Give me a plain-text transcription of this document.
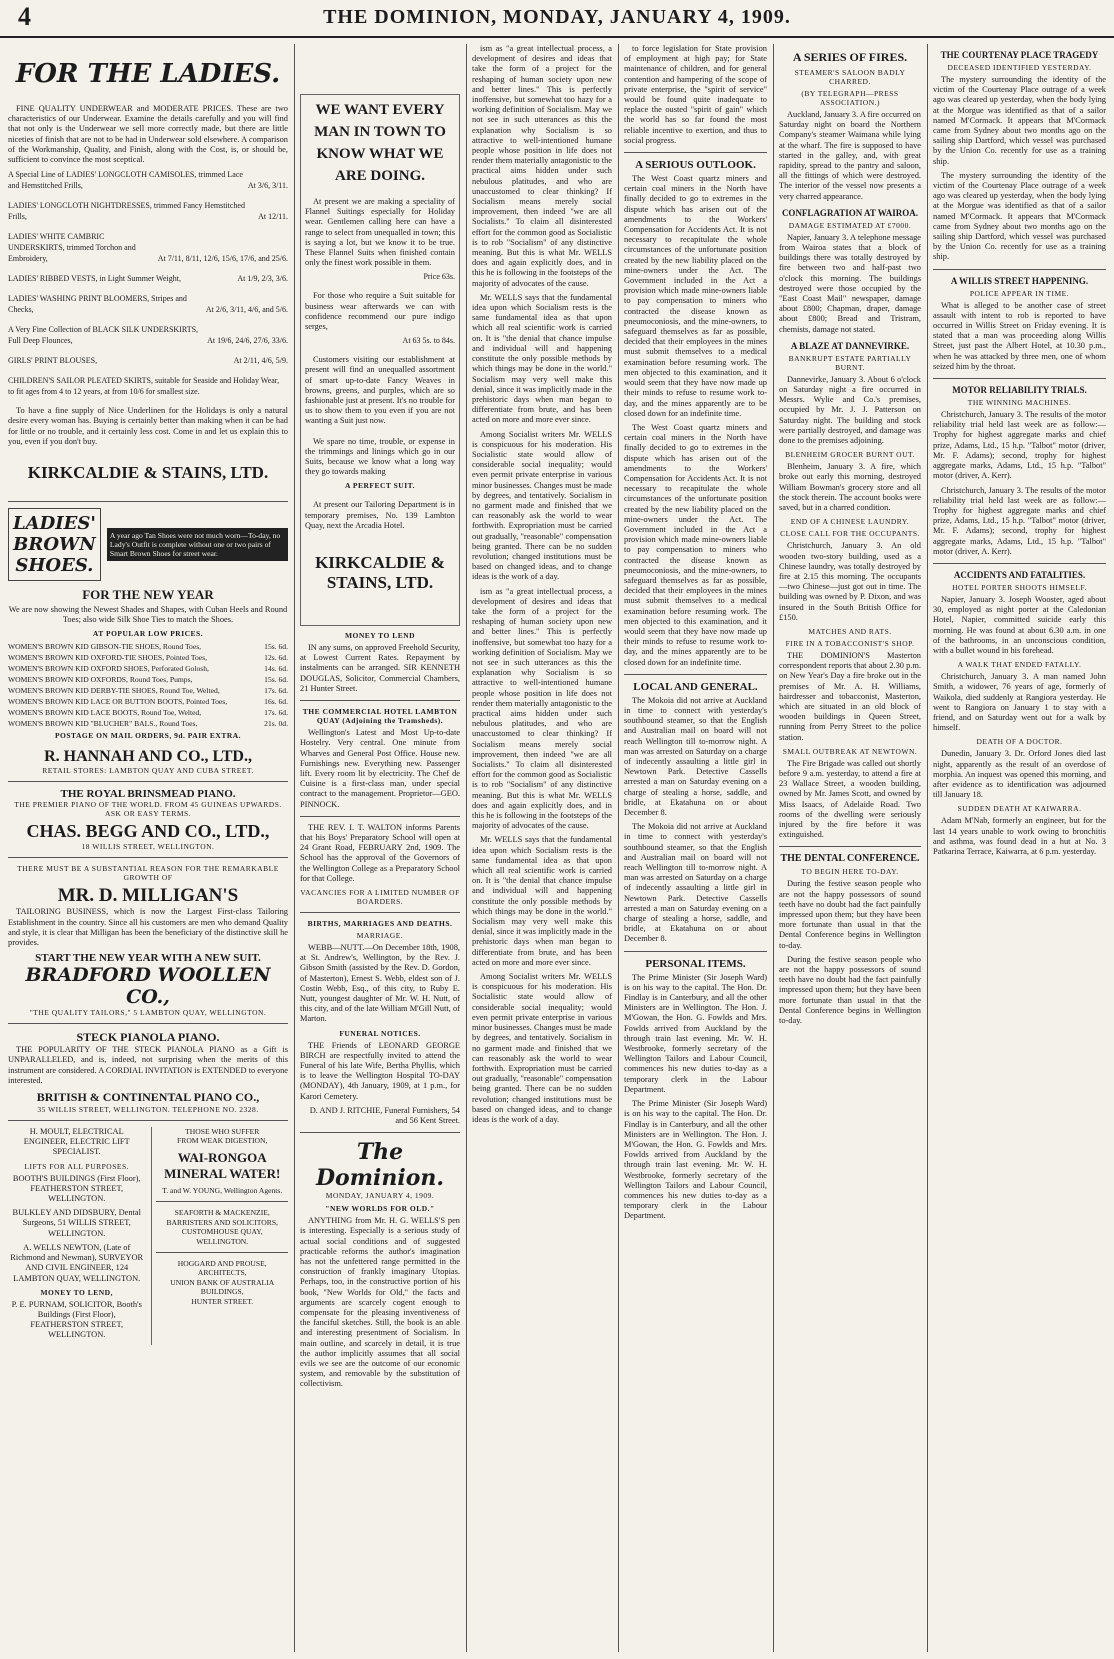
4	THE DOMINION, MONDAY, JANUARY 4, 1909.
FOR THE LADIES.

FINE QUALITY UNDERWEAR and MODERATE PRICES. These are two characteristics of our Underwear. Examine the details carefully and you will find that not only is the Underwear we sell more correctly made, but there are little niceties of finish that are not to be had in Underwear sold elsewhere. A comparison of the Workmanship, Quality, and Finish, along with the Cost, is, or should be, sufficient to convince the most sceptical.

A Special Line of LADIES' LONGCLOTH CAMISOLES, trimmed Lace and Hemstitched Frills,	At 3/6, 3/11.
LADIES' LONGCLOTH NIGHTDRESSES, trimmed Fancy Hemstitched Frills,	At 12/11.
LADIES' WHITE CAMBRIC UNDERSKIRTS, trimmed Torchon and Embroidery,	At 7/11, 8/11, 12/6, 15/6, 17/6, and 25/6.
LADIES' RIBBED VESTS, in Light Summer Weight,	At 1/9, 2/3, 3/6.
LADIES' WASHING PRINT BLOOMERS, Stripes and Checks,	At 2/6, 3/11, 4/6, and 5/6.
A Very Fine Collection of BLACK SILK UNDERSKIRTS, Full Deep Flounces,	At 19/6, 24/6, 27/6, 33/6.
GIRLS' PRINT BLOUSES,	At 2/11, 4/6, 5/9.
CHILDREN'S SAILOR PLEATED SKIRTS, suitable for Seaside and Holiday Wear, to fit ages from 4 to 12 years, at from 10/6 for smallest size.

To have a fine supply of Nice Underlinen for the Holidays is only a natural desire every woman has. Buying is certainly better than making when it can be had for little or no trouble, and it certainly less cost. Come in and let us explain this to you, even if you don't buy.

KIRKCALDIE & STAINS, LTD.
LADIES' BROWN SHOES.
A year ago Tan Shoes were not much worn—To-day, no Lady's Outfit is complete without one or two pairs of Smart Brown Shoes for street wear.
FOR THE NEW YEAR

We are now showing the Newest Shades and Shapes, with Cuban Heels and Round Toes; also wide Silk Shoe Ties to match the Shoes.

AT POPULAR LOW PRICES.
WOMEN'S BROWN KID GIBSON-TIE SHOES, Round Toes,	15s. 6d.
WOMEN'S BROWN KID OXFORD-TIE SHOES, Pointed Toes,	12s. 6d.
WOMEN'S BROWN KID OXFORD SHOES, Perforated Golosh,	14s. 6d.
WOMEN'S BROWN KID OXFORDS, Round Toes, Pumps,	15s. 6d.
WOMEN'S BROWN KID DERBY-TIE SHOES, Round Toe, Welted,	17s. 6d.
WOMEN'S BROWN KID LACE OR BUTTON BOOTS, Pointed Toes,	16s. 6d.
WOMEN'S BROWN KID LACE BOOTS, Round Toe, Welted,	17s. 6d.
WOMEN'S BROWN KID "BLUCHER" BALS., Round Toes,	21s. 0d.
POSTAGE ON MAIL ORDERS, 9d. PAIR EXTRA.
R. HANNAH AND CO., LTD.,
RETAIL STORES: LAMBTON QUAY AND CUBA STREET.
THE ROYAL BRINSMEAD PIANO.
THE PREMIER PIANO OF THE WORLD. FROM 45 GUINEAS UPWARDS. ASK OR EASY TERMS.
CHAS. BEGG AND CO., LTD.,
18 WILLIS STREET, WELLINGTON.
THERE MUST BE A SUBSTANTIAL REASON FOR THE REMARKABLE GROWTH OF
MR. D. MILLIGAN'S

TAILORING BUSINESS, which is now the Largest First-class Tailoring Establishment in the country. Since all his customers are men who demand Quality and style, it is clear that Milligan has been the beneficiary of the distinctive skill he provides.

START THE NEW YEAR WITH A NEW SUIT.
BRADFORD WOOLLEN CO.,
"THE QUALITY TAILORS," 5 LAMBTON QUAY, WELLINGTON.
STECK PIANOLA PIANO.

THE POPULARITY OF THE STECK PIANOLA PIANO as a Gift is UNPARALLELED, and is, indeed, not surprising when the merits of this instrument are considered. A CORDIAL INVITATION is EXTENDED to everyone interested.

BRITISH & CONTINENTAL PIANO CO.,
35 WILLIS STREET, WELLINGTON. TELEPHONE NO. 2328.

H. MOULT, ELECTRICAL ENGINEER, ELECTRIC LIFT SPECIALIST.

LIFTS FOR ALL PURPOSES.

BOOTH'S BUILDINGS (First Floor), FEATHERSTON STREET, WELLINGTON.

BULKLEY AND DIDSBURY, Dental Surgeons, 51 WILLIS STREET, WELLINGTON.

A. WELLS NEWTON, (Late of Richmond and Newman), SURVEYOR AND CIVIL ENGINEER, 124 LAMBTON QUAY, WELLINGTON.

MONEY TO LEND,

P. E. PURNAM, SOLICITOR, Booth's Buildings (First Floor), FEATHERSTON STREET, WELLINGTON.

THOSE WHO SUFFER
FROM WEAK DIGESTION,
WAI-RONGOA
MINERAL WATER!
T. and W. YOUNG, Wellington Agents.
SEAFORTH & MACKENZIE,
BARRISTERS AND SOLICITORS,
CUSTOMHOUSE QUAY, WELLINGTON.
HOGGARD AND PROUSE,
ARCHITECTS,
UNION BANK OF AUSTRALIA
BUILDINGS,
HUNTER STREET.
WE WANT EVERY MAN IN TOWN TO KNOW WHAT WE ARE DOING.

At present we are making a speciality of Flannel Suitings especially for Holiday wear. Gentlemen calling here can have a range to select from unequalled in town; this is saying a lot, but we know it to be true. These Flannel Suits when finished contain only the finest work possible in them.

Price 63s.

For those who require a Suit suitable for business wear afterwards we can with confidence recommend our pure indigo serges,

At 63 5s. to 84s.

Customers visiting our establishment at present will find an unequalled assortment of smart up-to-date Fancy Weaves in browns, greens, and purples, which are so fashionable just at present. It's no trouble for us to show them to you even if you are not wanting a Suit just now.

We spare no time, trouble, or expense in the trimmings and linings which go in our Suits, because we know what a long way they go towards making

A PERFECT SUIT.

At present our Tailoring Department is in temporary premises, No. 139 Lambton Quay, next the Arcadia Hotel.

KIRKCALDIE & STAINS, LTD.
MONEY TO LEND

IN any sums, on approved Freehold Security, at Lowest Current Rates. Repayment by instalments can be arranged. SIR KENNETH DOUGLAS, Solicitor, Commercial Chambers, 21 Hunter Street.

THE COMMERCIAL HOTEL LAMBTON QUAY (Adjoining the Tramsheds).

Wellington's Latest and Most Up-to-date Hostelry. Very central. One minute from Wharves and General Post Office. House new. Furnishings new. Everything new. Passenger lift. Every room lit by electricity. The Chef de Cuisine is a first-class man, under special contract to the management. Proprietor—GEO. PINNOCK.

THE REV. I. T. WALTON informs Parents that his Boys' Preparatory School will open at 24 Grant Road, FEBRUARY 2nd, 1909. The School has the approval of the Governors of the Wellington College as a Preparatory School for that College.

VACANCIES FOR A LIMITED NUMBER OF BOARDERS.
BIRTHS, MARRIAGES AND DEATHS.
MARRIAGE.

WEBB—NUTT.—On December 18th, 1908, at St. Andrew's, Wellington, by the Rev. J. Gibson Smith (assisted by the Rev. D. Gordon, of Masterton), Ernest S. Webb, eldest son of J. Costin Webb, Esq., of this city, to Ruby E. Nutt, youngest daughter of Mr. W. H. Nutt, of this city, and of the late William M'Gill Nutt, of Marton.

FUNERAL NOTICES.

THE Friends of LEONARD GEORGE BIRCH are respectfully invited to attend the Funeral of his late Wife, Bertha Phyllis, which is to leave the Wellington Hospital TO-DAY (MONDAY), 4th January, 1909, at 1 p.m., for Karori Cemetery.

D. AND J. RITCHIE, Funeral Furnishers, 54 and 56 Kent Street.

The Dominion.
MONDAY, JANUARY 4, 1909.
"NEW WORLDS FOR OLD."

ANYTHING from Mr. H. G. WELLS'S pen is interesting. Especially is a serious study of actual social conditions and of suggested practicable reforms the author's imagination has not the unfettered range permitted in the construction of frankly imaginary Utopias. Perhaps, too, in the constructive portion of his book, "New Worlds for Old," the facts and arguments are scarcely cogent enough to compensate for the pleasing inventiveness of the fanciful sketches. Still, the book is an able and interesting presentment of Socialism. In main outline, and scarcely in detail, it is true the author implicitly assumes that all social evils we see are the outcome of our economic system, and removable by the substitution of collectivism.

ism as "a great intellectual process, a development of desires and ideas that take the form of a project for the reshaping of human society upon new and better lines." This is perfectly inoffensive, but somewhat too hazy for a working definition of Socialism. May we not see in such utterances as this the explanation why Socialism is so attractive to well-intentioned humane people whose position in life does not render them materially antagonistic to the practical aims hidden under such nebulous platitudes, and who are unaccustomed to clear thinking? If Socialism means merely social improvement, then indeed "we are all Socialists." To claim all disinterested effort for the common good as Socialistic is to rob "Socialism" of any distinctive meaning. But this is what Mr. WELLS does and again explicitly does, and in this he is following in the footsteps of the majority of advocates of the cause.

Mr. WELLS says that the fundamental idea upon which Socialism rests is the same fundamental idea as that upon which all real scientific work is carried on. It is "the denial that chance impulse and individual will and happening constitute the only possible methods by which things may be done in the world." Socialism may very well make this denial, since it was implicitly made in the prehistoric days when man began to differentiate from brute, and has been acted on more and more ever since.

Among Socialist writers Mr. WELLS is conspicuous for his moderation. His Socialistic state would allow of considerable social inequality; would even permit private enterprise in various minor businesses. Changes must be made by degrees, and tentatively. Socialism in no garment made and finished that we can reasonably ask the world to wear forthwith. Expropriation must be carried out gradually, "reasonable" compensation being granted. There can be no sudden revolution; changed institutions must be based on changed ideas, and to change ideas is the work of a day.

ism as "a great intellectual process, a development of desires and ideas that take the form of a project for the reshaping of human society upon new and better lines." This is perfectly inoffensive, but somewhat too hazy for a working definition of Socialism. May we not see in such utterances as this the explanation why Socialism is so attractive to well-intentioned humane people whose position in life does not render them materially antagonistic to the practical aims hidden under such nebulous platitudes, and who are unaccustomed to clear thinking? If Socialism means merely social improvement, then indeed "we are all Socialists." To claim all disinterested effort for the common good as Socialistic is to rob "Socialism" of any distinctive meaning. But this is what Mr. WELLS does and again explicitly does, and in this he is following in the footsteps of the majority of advocates of the cause.

Mr. WELLS says that the fundamental idea upon which Socialism rests is the same fundamental idea as that upon which all real scientific work is carried on. It is "the denial that chance impulse and individual will and happening constitute the only possible methods by which things may be done in the world." Socialism may very well make this denial, since it was implicitly made in the prehistoric days when man began to differentiate from brute, and has been acted on more and more ever since.

Among Socialist writers Mr. WELLS is conspicuous for his moderation. His Socialistic state would allow of considerable social inequality; would even permit private enterprise in various minor businesses. Changes must be made by degrees, and tentatively. Socialism in no garment made and finished that we can reasonably ask the world to wear forthwith. Expropriation must be carried out gradually, "reasonable" compensation being granted. There can be no sudden revolution; changed institutions must be based on changed ideas, and to change ideas is the work of a day.

to force legislation for State provision of employment at high pay; for State maintenance of children, and for general contention and hampering of the scope of private enterprise, the "spirit of service" would be found quite inadequate to replace the ousted "spirit of gain" which the world has so far found the most reliable incentive to exertion, and thus to social progress.

A SERIOUS OUTLOOK.

The West Coast quartz miners and certain coal miners in the North have finally decided to go to extremes in the dispute which has arisen out of the amendments to the Workers' Compensation for Accidents Act. It is not necessary to recapitulate the whole circumstances of the unfortunate position created by the new liability placed on the mine-owners under the Act. The Government included in the Act a provision which made mine-owners liable to pay compensation to miners who contracted the disease known as pneumoconiosis, and the mine-owners, to safeguard themselves as far as possible, decided that their employees in the mines must submit themselves to a medical examination before resuming work. The men objected to this examination, and it would seem that they have now made up their minds to refuse to resume work to-day, and the mines apparently are to be closed down for an indefinite time.

The West Coast quartz miners and certain coal miners in the North have finally decided to go to extremes in the dispute which has arisen out of the amendments to the Workers' Compensation for Accidents Act. It is not necessary to recapitulate the whole circumstances of the unfortunate position created by the new liability placed on the mine-owners under the Act. The Government included in the Act a provision which made mine-owners liable to pay compensation to miners who contracted the disease known as pneumoconiosis, and the mine-owners, to safeguard themselves as far as possible, decided that their employees in the mines must submit themselves to a medical examination before resuming work. The men objected to this examination, and it would seem that they have now made up their minds to refuse to resume work to-day, and the mines apparently are to be closed down for an indefinite time.

LOCAL AND GENERAL.

The Mokoia did not arrive at Auckland in time to connect with yesterday's southbound steamer, so that the English and Australian mail on board will not reach Wellington till to-morrow night. A man was arrested on Saturday on a charge of indecently assaulting a little girl in Newtown Park. Detective Cassells arrested a man on Saturday evening on a charge of stealing a horse, saddle, and bridle, at Ekatahuna on or about December 8.

The Mokoia did not arrive at Auckland in time to connect with yesterday's southbound steamer, so that the English and Australian mail on board will not reach Wellington till to-morrow night. A man was arrested on Saturday on a charge of indecently assaulting a little girl in Newtown Park. Detective Cassells arrested a man on Saturday evening on a charge of stealing a horse, saddle, and bridle, at Ekatahuna on or about December 8.

PERSONAL ITEMS.

The Prime Minister (Sir Joseph Ward) is on his way to the capital. The Hon. Dr. Findlay is in Canterbury, and all the other Ministers are in Wellington. The Hon. J. M'Gowan, the Hon. G. Fowlds and Mrs. Fowlds arrived from Auckland by the through train last evening. Mr. W. H. Westbrooke, formerly secretary of the Wellington Tailors and Labour Council, commences his new duties to-day as a temporary clerk in the Labour Department.

The Prime Minister (Sir Joseph Ward) is on his way to the capital. The Hon. Dr. Findlay is in Canterbury, and all the other Ministers are in Wellington. The Hon. J. M'Gowan, the Hon. G. Fowlds and Mrs. Fowlds arrived from Auckland by the through train last evening. Mr. W. H. Westbrooke, formerly secretary of the Wellington Tailors and Labour Council, commences his new duties to-day as a temporary clerk in the Labour Department.

A SERIES OF FIRES.
STEAMER'S SALOON BADLY CHARRED.
(BY TELEGRAPH—PRESS ASSOCIATION.)

Auckland, January 3. A fire occurred on Saturday night on board the Northern Company's steamer Waimana while lying at the wharf. The fire is supposed to have started in the galley, and, with great rapidity, spread to the pantry and saloon, all the fittings of which were destroyed. The interior of the vessel now presents a very charred appearance.

CONFLAGRATION AT WAIROA.
DAMAGE ESTIMATED AT £7000.

Napier, January 3. A telephone message from Wairoa states that a block of buildings there was totally destroyed by fire between two and half-past two o'clock this morning. The buildings destroyed were those occupied by the "East Coast Mail" newspaper, damage about £800; Chapman, draper, damage about £800; Bread and Tristram, chemists, damage not stated.

A BLAZE AT DANNEVIRKE.
BANKRUPT ESTATE PARTIALLY BURNT.

Dannevirke, January 3. About 6 o'clock on Saturday night a fire occurred in Messrs. Wylie and Co.'s premises, occupied by Mr. J. J. Patterson on Saturday night. The building and stock were partially destroyed, and damage was done to the premises adjoining.

BLENHEIM GROCER BURNT OUT.

Blenheim, January 3. A fire, which broke out early this morning, destroyed William Bowman's grocery store and all the stock therein. The account books were saved, but in a charred condition.

END OF A CHINESE LAUNDRY.
CLOSE CALL FOR THE OCCUPANTS.

Christchurch, January 3. An old wooden two-story building, used as a Chinese laundry, was totally destroyed by fire at 2.15 this morning. The occupants—two Chinese—just got out in time. The building was owned by P. Dixon, and was insured in the South British Office for £150.

MATCHES AND RATS.
FIRE IN A TOBACCONIST'S SHOP.

THE DOMINION'S Masterton correspondent reports that about 2.30 p.m. on New Year's Day a fire broke out in the premises of Mr. A. H. Williams, hairdresser and tobacconist, Masterton, which are situated in an old block of wooden buildings in Queen Street, running from Perry Street to the police station.

SMALL OUTBREAK AT NEWTOWN.

The Fire Brigade was called out shortly before 9 a.m. yesterday, to attend a fire at 23 Wallace Street, a wooden building, owned by Mr. James Scott, and owned by Miss Isaacs, of Adelaide Road. Two rooms of the dwelling were seriously injured by the fire before it was extinguished.

THE DENTAL CONFERENCE.
TO BEGIN HERE TO-DAY.

During the festive season people who are not the happy possessors of sound teeth have no doubt had the fact painfully impressed upon them; but they have been more fortunate than usual in that the Dental Conference begins in Wellington to-day.

During the festive season people who are not the happy possessors of sound teeth have no doubt had the fact painfully impressed upon them; but they have been more fortunate than usual in that the Dental Conference begins in Wellington to-day.

THE COURTENAY PLACE TRAGEDY
DECEASED IDENTIFIED YESTERDAY.

The mystery surrounding the identity of the victim of the Courtenay Place outrage of a week ago was cleared up yesterday, when the body lying at the Morgue was identified as that of a sailor named M'Cormack. It appears that M'Cormack came from Sydney about two months ago on the sailing ship Dartford, which vessel was purchased by the Union Co. recently for use as a training ship.

The mystery surrounding the identity of the victim of the Courtenay Place outrage of a week ago was cleared up yesterday, when the body lying at the Morgue was identified as that of a sailor named M'Cormack. It appears that M'Cormack came from Sydney about two months ago on the sailing ship Dartford, which vessel was purchased by the Union Co. recently for use as a training ship.

A WILLIS STREET HAPPENING.
POLICE APPEAR IN TIME.

What is alleged to be another case of street assault with intent to rob is reported to have occurred in Willis Street on Friday evening. It is stated that a man was proceeding along Willis Street, just past the Albert Hotel, at 10.30 p.m., when he was attacked by three men, one of whom seized him by the throat.

MOTOR RELIABILITY TRIALS.
THE WINNING MACHINES.

Christchurch, January 3. The results of the motor reliability trial held last week are as follow:—Trophy for highest aggregate marks and chief prize, Adams, Ltd., 15 h.p. "Talbot" motor (driver, Mr. F. Adams); second, trophy for highest aggregate marks, Adams, Ltd., 15 h.p. "Talbot" motor (driver, A. Kerr).

Christchurch, January 3. The results of the motor reliability trial held last week are as follow:—Trophy for highest aggregate marks and chief prize, Adams, Ltd., 15 h.p. "Talbot" motor (driver, Mr. F. Adams); second, trophy for highest aggregate marks, Adams, Ltd., 15 h.p. "Talbot" motor (driver, A. Kerr).

ACCIDENTS AND FATALITIES.
HOTEL PORTER SHOOTS HIMSELF.

Napier, January 3. Joseph Wooster, aged about 30, employed as night porter at the Caledonian Hotel, Napier, committed suicide early this morning. He was found at about 6.30 a.m. in one of the bathrooms, in an unconscious condition, with a bullet wound in his forehead.

A WALK THAT ENDED FATALLY.

Christchurch, January 3. A man named John Smith, a widower, 76 years of age, formerly of Waikola, died suddenly at Rangiora yesterday. He went to Rangiora on January 1 to stay with a friend, and on Saturday went out for a walk by himself.

DEATH OF A DOCTOR.

Dunedin, January 3. Dr. Orford Jones died last night, apparently as the result of an overdose of morphia. An inquest was opened this morning, and after evidence as to identification was adjourned till January 18.

SUDDEN DEATH AT KAIWARRA.

Adam M'Nab, formerly an engineer, but for the last 14 years unable to work owing to bronchitis and asthma, was found dead in a hut at No. 3 Patkarina Terrace, Kaiwarra, at 6 p.m. yesterday.
